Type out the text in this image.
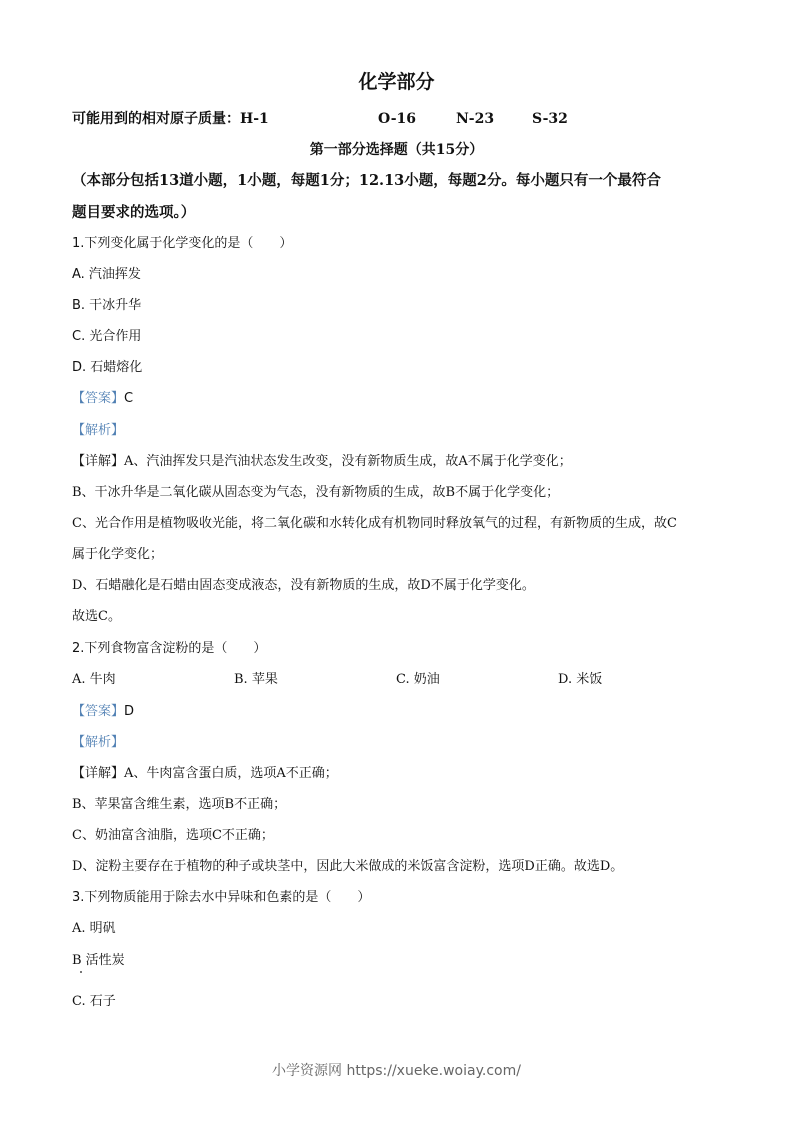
化学部分
可能用到的相对原子质量：H-1	O-16	N-23	S-32
第一部分选择题（共15分）
（本部分包括13道小题，1小题，每题1分；12.13小题，每题2分。每小题只有一个最符合
题目要求的选项。）
1.下列变化属于化学变化的是（　　）
A. 汽油挥发
B. 干冰升华
C. 光合作用
D. 石蜡熔化
【答案】C
【解析】
【详解】A、汽油挥发只是汽油状态发生改变，没有新物质生成，故A不属于化学变化；
B、干冰升华是二氧化碳从固态变为气态，没有新物质的生成，故B不属于化学变化；
C、光合作用是植物吸收光能，将二氧化碳和水转化成有机物同时释放氧气的过程，有新物质的生成，故C
属于化学变化；
D、石蜡融化是石蜡由固态变成液态，没有新物质的生成，故D不属于化学变化。
故选C。
2.下列食物富含淀粉的是（　　）
A. 牛肉	B. 苹果	C. 奶油	D. 米饭
【答案】D
【解析】
【详解】A、牛肉富含蛋白质，选项A不正确；
B、苹果富含维生素，选项B不正确；
C、奶油富含油脂，选项C不正确；
D、淀粉主要存在于植物的种子或块茎中，因此大米做成的米饭富含淀粉，选项D正确。故选D。
3.下列物质能用于除去水中异味和色素的是（　　）
A. 明矾
B 活性炭
C. 石子
小学资源网 https://xueke.woiay.com/
